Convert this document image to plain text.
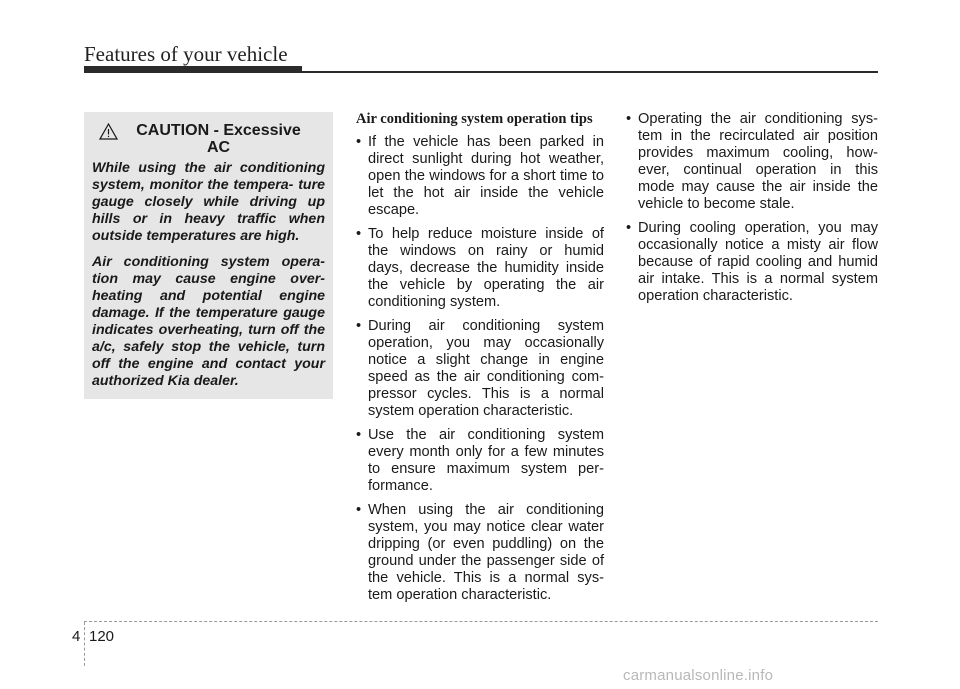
Features of your vehicle
CAUTION - Excessive
AC

While using the air conditioning system, monitor the tempera- ture gauge closely while driving up hills or in heavy traffic when outside temperatures are high.

Air conditioning system opera- tion may cause engine over- heating and potential engine damage. If the temperature gauge indicates overheating, turn off the a/c, safely stop the vehicle, turn off the engine and contact your authorized Kia dealer.

Air conditioning system operation tips
• If the vehicle has been parked in direct sunlight during hot weather, open the windows for a short time to let the hot air inside the vehicle escape.
• To help reduce moisture inside of the windows on rainy or humid days, decrease the humidity inside the vehicle by operating the air conditioning system.
• During air conditioning system operation, you may occasionally notice a slight change in engine speed as the air conditioning com- pressor cycles. This is a normal system operation characteristic.
• Use the air conditioning system every month only for a few minutes to ensure maximum system per- formance.
• When using the air conditioning system, you may notice clear water dripping (or even puddling) on the ground under the passenger side of the vehicle. This is a normal sys- tem operation characteristic.
• Operating the air conditioning sys- tem in the recirculated air position provides maximum cooling, how- ever, continual operation in this mode may cause the air inside the vehicle to become stale.
• During cooling operation, you may occasionally notice a misty air flow because of rapid cooling and humid air intake. This is a normal system operation characteristic.
4 120
carmanualsonline.info
